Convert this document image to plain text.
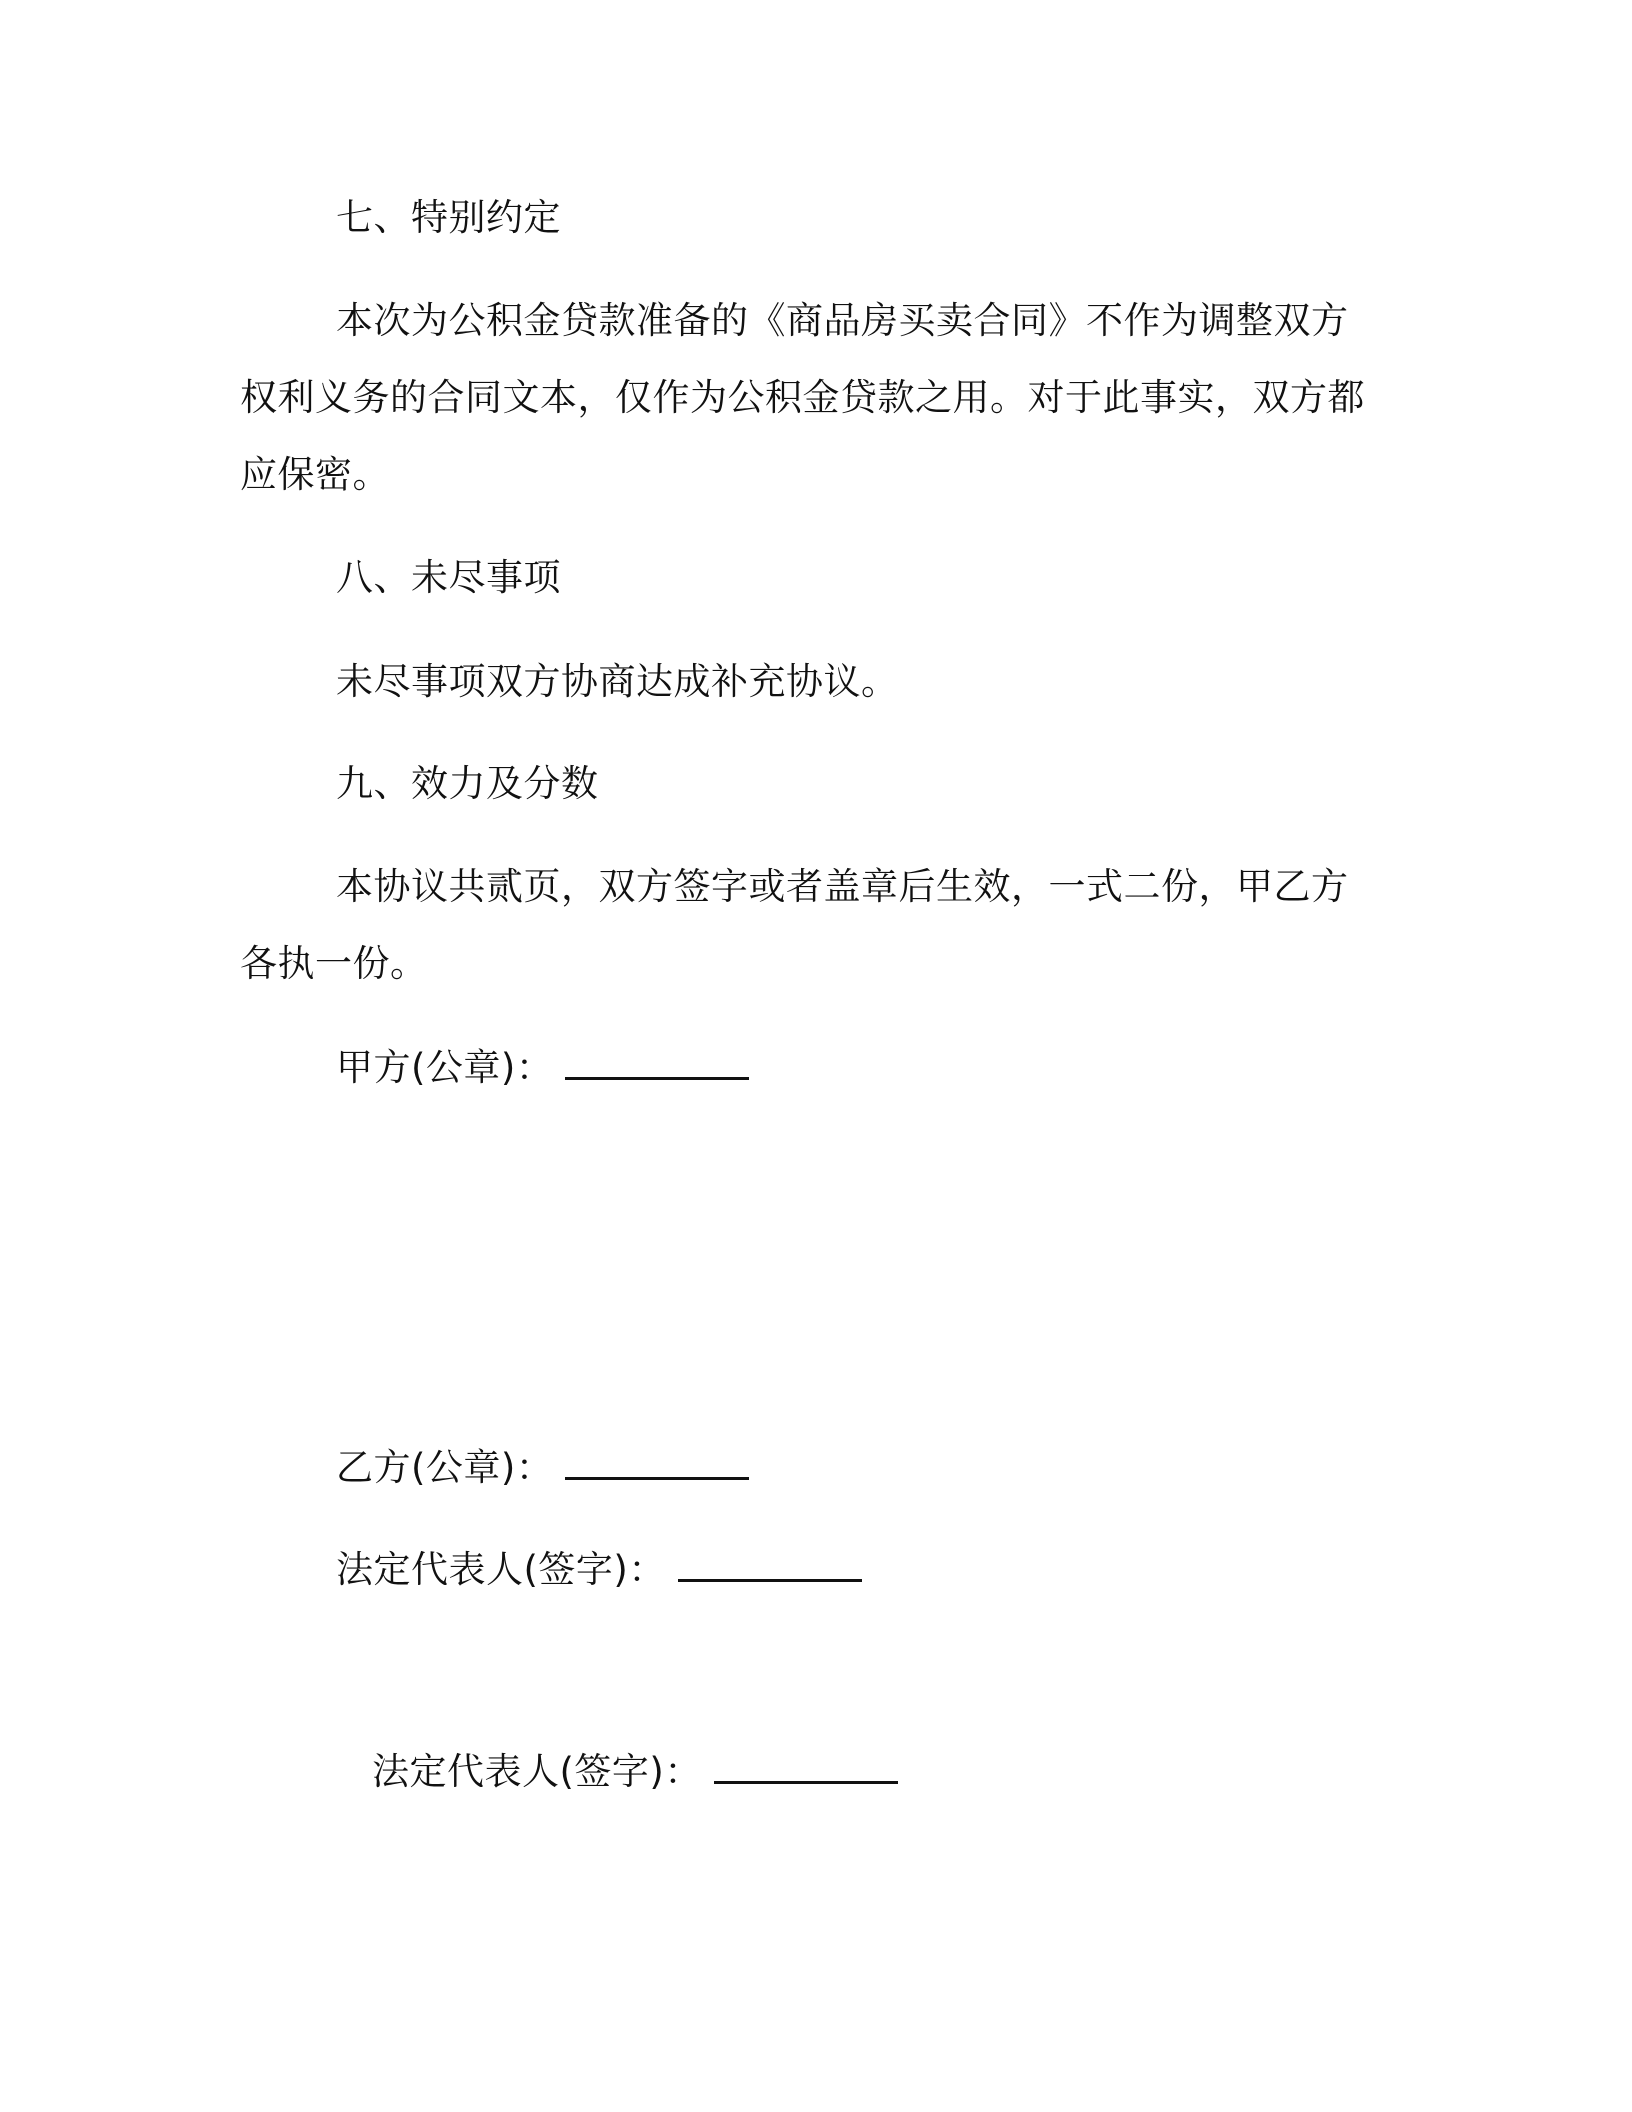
七、特别约定

本次为公积金贷款准备的《商品房买卖合同》不作为调整双方权利义务的合同文本，仅作为公积金贷款之用。对于此事实，双方都应保密。

八、未尽事项
未尽事项双方协商达成补充协议。
九、效力及分数

本协议共贰页，双方签字或者盖章后生效，一式二份，甲乙方各执一份。

甲方(公章)：
乙方(公章)：
法定代表人(签字)：
法定代表人(签字)：
